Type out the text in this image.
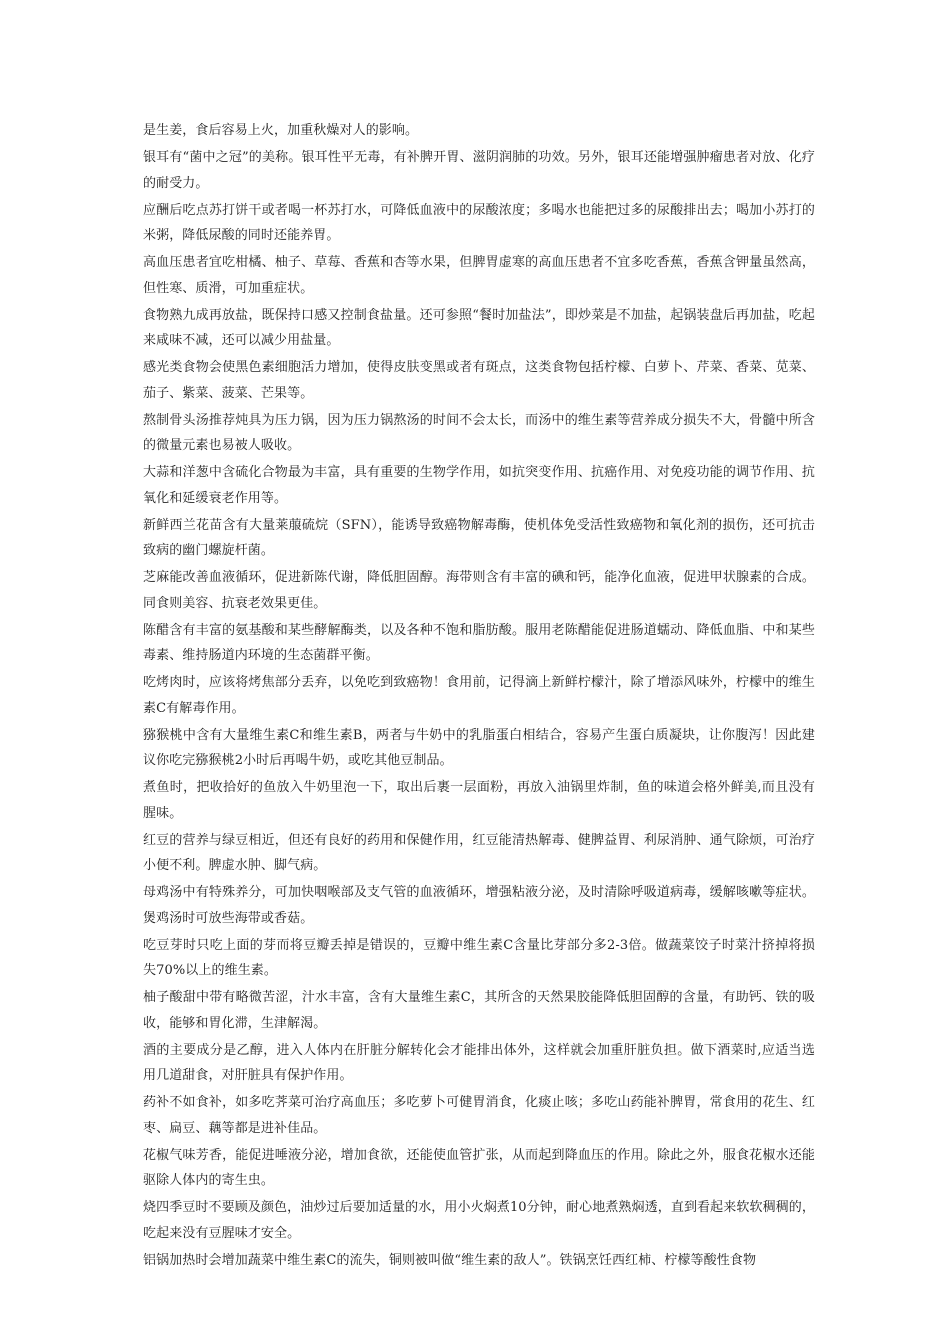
是生姜，食后容易上火，加重秋燥对人的影响。

银耳有“菌中之冠”的美称。银耳性平无毒，有补脾开胃、滋阴润肺的功效。另外，银耳还能增强肿瘤患者对放、化疗的耐受力。

应酬后吃点苏打饼干或者喝一杯苏打水，可降低血液中的尿酸浓度；多喝水也能把过多的尿酸排出去；喝加小苏打的米粥，降低尿酸的同时还能养胃。

高血压患者宜吃柑橘、柚子、草莓、香蕉和杏等水果，但脾胃虚寒的高血压患者不宜多吃香蕉，香蕉含钾量虽然高，但性寒、质滑，可加重症状。

食物熟九成再放盐，既保持口感又控制食盐量。还可参照“餐时加盐法”，即炒菜是不加盐，起锅装盘后再加盐，吃起来咸味不减，还可以减少用盐量。

感光类食物会使黑色素细胞活力增加，使得皮肤变黑或者有斑点，这类食物包括柠檬、白萝卜、芹菜、香菜、苋菜、茄子、紫菜、菠菜、芒果等。

熬制骨头汤推荐炖具为压力锅，因为压力锅熬汤的时间不会太长，而汤中的维生素等营养成分损失不大，骨髓中所含的微量元素也易被人吸收。

大蒜和洋葱中含硫化合物最为丰富，具有重要的生物学作用，如抗突变作用、抗癌作用、对免疫功能的调节作用、抗氧化和延缓衰老作用等。

新鲜西兰花苗含有大量莱菔硫烷（SFN），能诱导致癌物解毒酶，使机体免受活性致癌物和氧化剂的损伤，还可抗击致病的幽门螺旋杆菌。

芝麻能改善血液循环，促进新陈代谢，降低胆固醇。海带则含有丰富的碘和钙，能净化血液，促进甲状腺素的合成。同食则美容、抗衰老效果更佳。

陈醋含有丰富的氨基酸和某些酵解酶类，以及各种不饱和脂肪酸。服用老陈醋能促进肠道蠕动、降低血脂、中和某些毒素、维持肠道内环境的生态菌群平衡。

吃烤肉时，应该将烤焦部分丢弃，以免吃到致癌物！食用前，记得滴上新鲜柠檬汁，除了增添风味外，柠檬中的维生素C有解毒作用。

猕猴桃中含有大量维生素C和维生素B，两者与牛奶中的乳脂蛋白相结合，容易产生蛋白质凝块，让你腹泻！因此建议你吃完猕猴桃2小时后再喝牛奶，或吃其他豆制品。

煮鱼时，把收拾好的鱼放入牛奶里泡一下，取出后裹一层面粉，再放入油锅里炸制，鱼的味道会格外鲜美,而且没有腥味。

红豆的营养与绿豆相近，但还有良好的药用和保健作用，红豆能清热解毒、健脾益胃、利尿消肿、通气除烦，可治疗小便不利。脾虚水肿、脚气病。

母鸡汤中有特殊养分，可加快咽喉部及支气管的血液循环，增强粘液分泌，及时清除呼吸道病毒，缓解咳嗽等症状。煲鸡汤时可放些海带或香菇。

吃豆芽时只吃上面的芽而将豆瓣丢掉是错误的，豆瓣中维生素C含量比芽部分多2-3倍。做蔬菜饺子时菜汁挤掉将损失70%以上的维生素。

柚子酸甜中带有略微苦涩，汁水丰富，含有大量维生素C，其所含的天然果胶能降低胆固醇的含量，有助钙、铁的吸收，能够和胃化滞，生津解渴。

酒的主要成分是乙醇，进入人体内在肝脏分解转化会才能排出体外，这样就会加重肝脏负担。做下酒菜时,应适当选用几道甜食，对肝脏具有保护作用。

药补不如食补，如多吃荠菜可治疗高血压；多吃萝卜可健胃消食，化痰止咳；多吃山药能补脾胃，常食用的花生、红枣、扁豆、藕等都是进补佳品。

花椒气味芳香，能促进唾液分泌，增加食欲，还能使血管扩张，从而起到降血压的作用。除此之外，服食花椒水还能驱除人体内的寄生虫。

烧四季豆时不要顾及颜色，油炒过后要加适量的水，用小火焖煮10分钟，耐心地煮熟焖透，直到看起来软软稠稠的，吃起来没有豆腥味才安全。

铝锅加热时会增加蔬菜中维生素C的流失，铜则被叫做“维生素的敌人”。铁锅烹饪西红柿、柠檬等酸性食物
